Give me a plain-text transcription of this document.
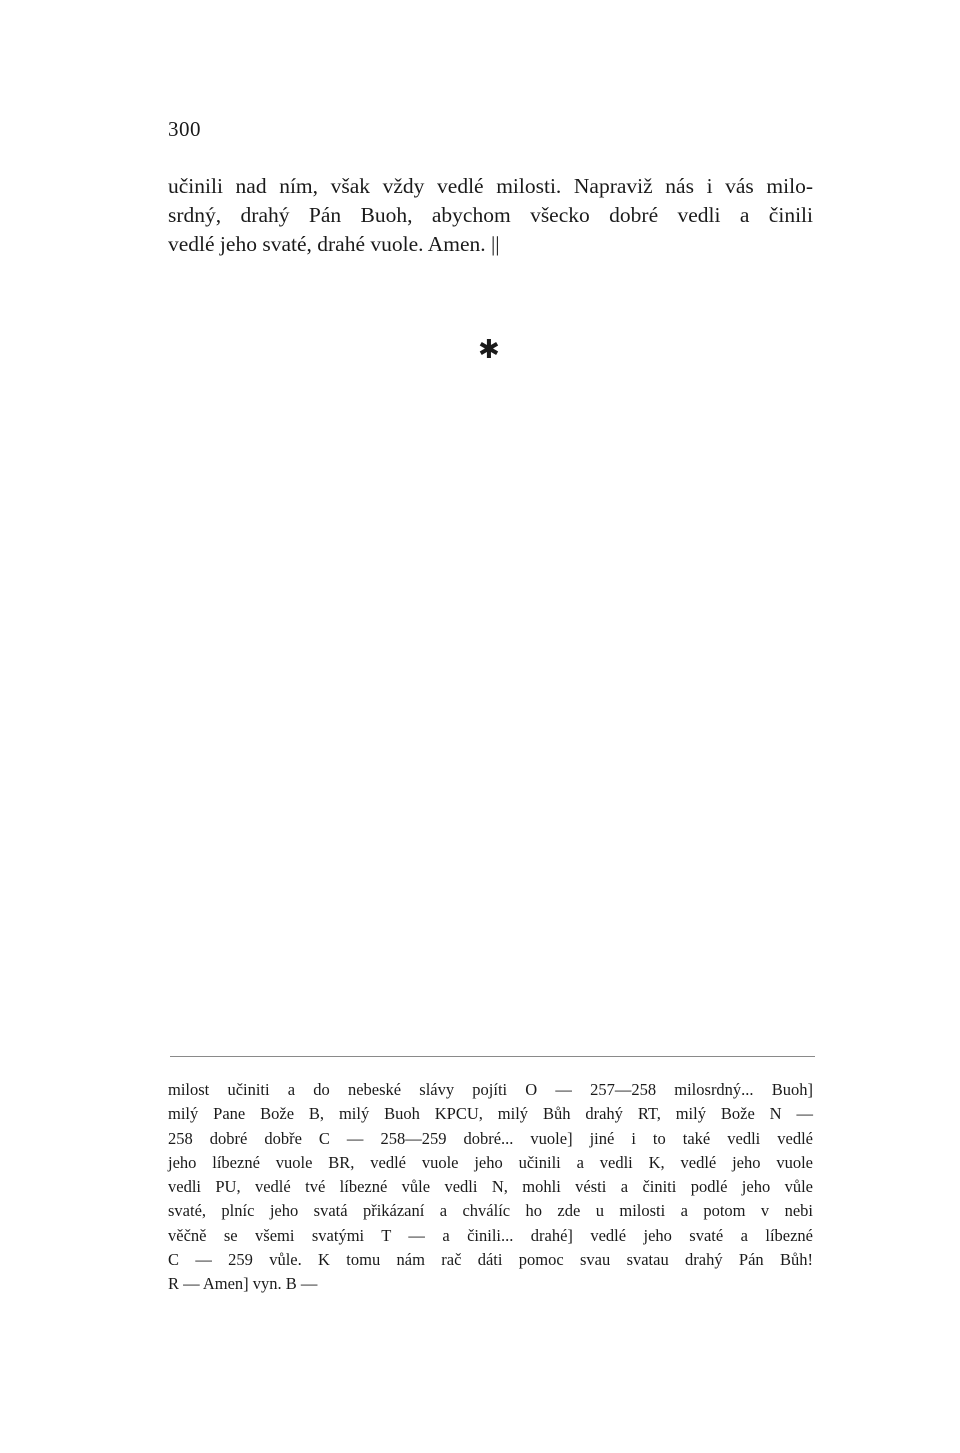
300
učinili nad ním, však vždy vedlé milosti. Napraviž nás i vás milo-
srdný, drahý Pán Buoh, abychom všecko dobré vedli a činili
vedlé jeho svaté, drahé vuole. Amen. ||
✱
milost učiniti a do nebeské slávy pojíti O — 257—258 milosrdný... Buoh]
milý Pane Bože B, milý Buoh KPCU, milý Bůh drahý RT, milý Bože N —
258 dobré dobře C — 258—259 dobré... vuole] jiné i to také vedli vedlé
jeho líbezné vuole BR, vedlé vuole jeho učinili a vedli K, vedlé jeho vuole
vedli PU, vedlé tvé líbezné vůle vedli N, mohli vésti a činiti podlé jeho vůle
svaté, plníc jeho svatá přikázaní a chválíc ho zde u milosti a potom v nebi
věčně se všemi svatými T — a činili... drahé] vedlé jeho svaté a líbezné
C — 259 vůle. K tomu nám rač dáti pomoc svau svatau drahý Pán Bůh!
R — Amen] vyn. B —
